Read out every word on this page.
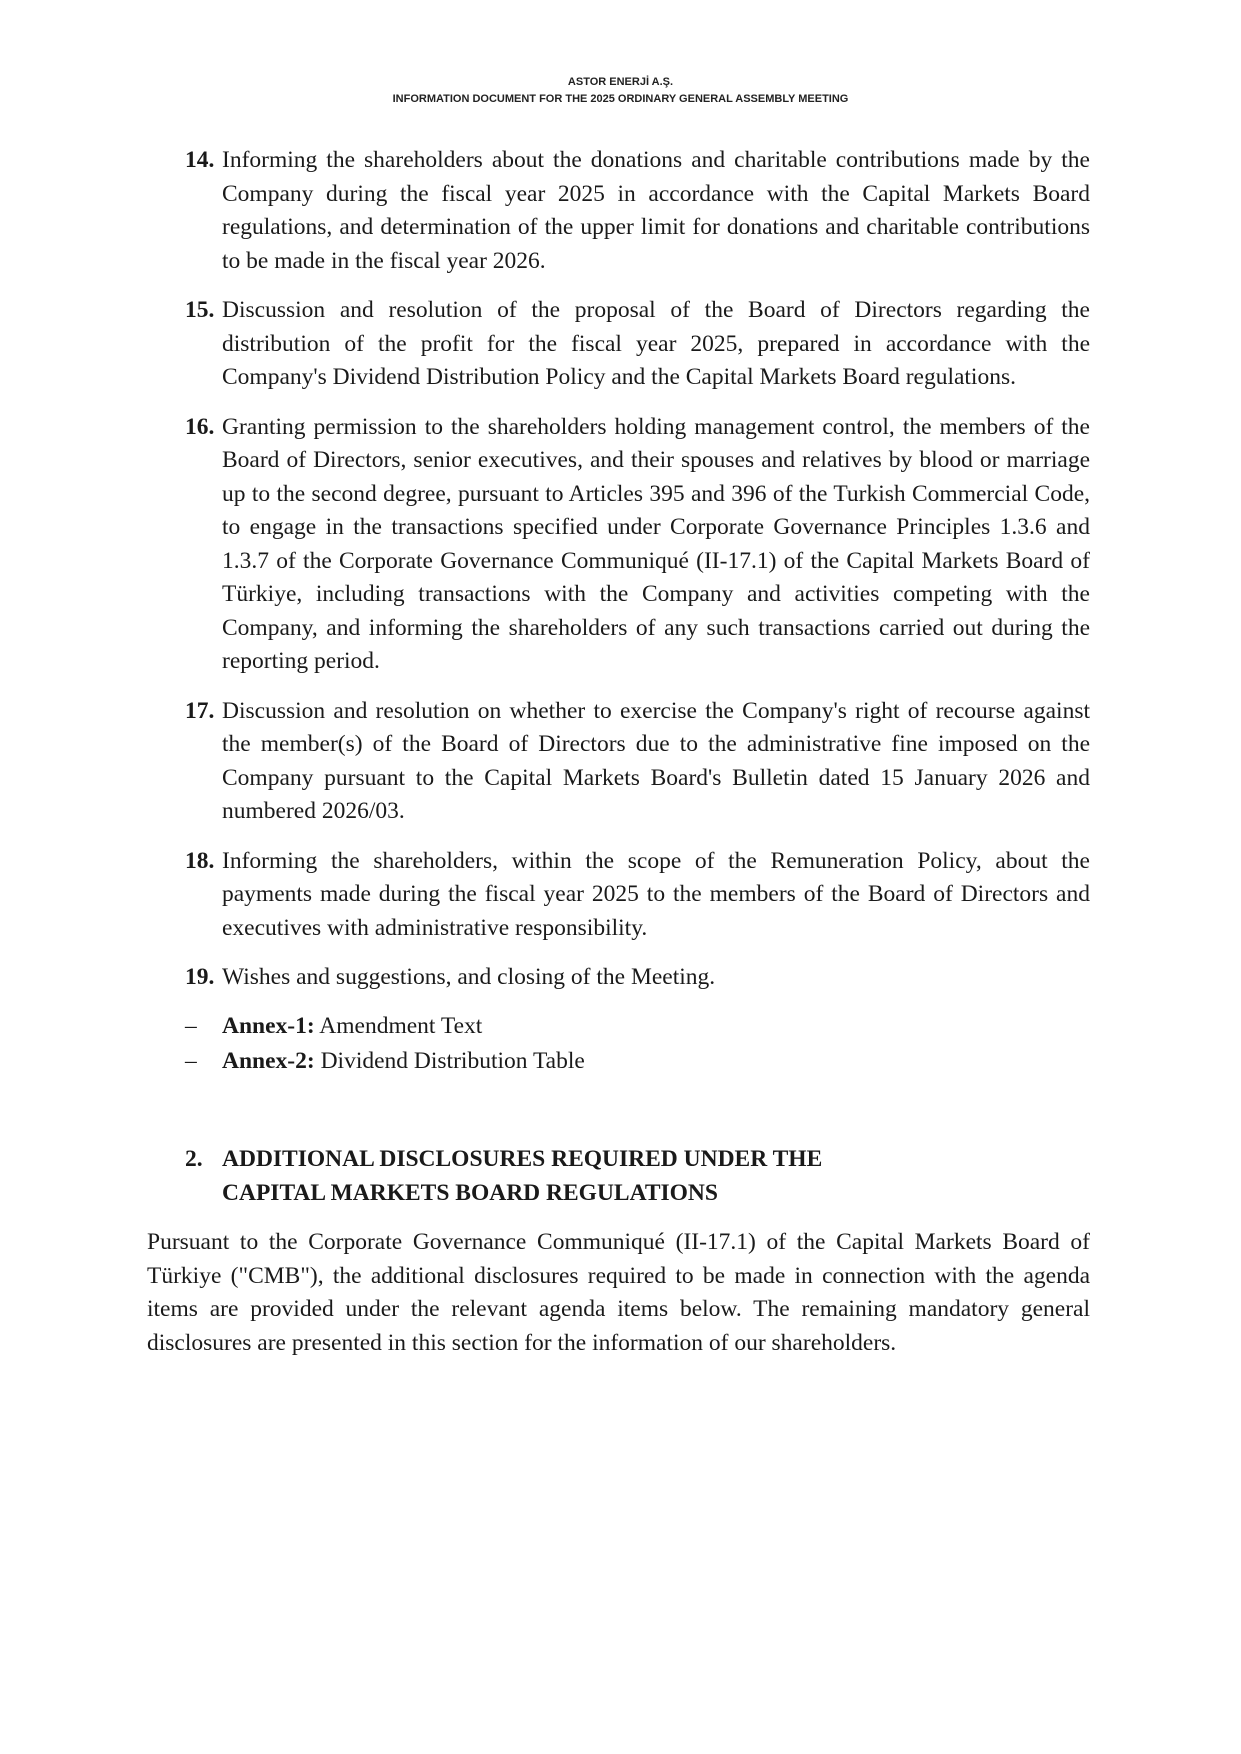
ASTOR ENERJİ A.Ş.
INFORMATION DOCUMENT FOR THE 2025 ORDINARY GENERAL ASSEMBLY MEETING
14. Informing the shareholders about the donations and charitable contributions made by the Company during the fiscal year 2025 in accordance with the Capital Markets Board regulations, and determination of the upper limit for donations and charitable contributions to be made in the fiscal year 2026.
15. Discussion and resolution of the proposal of the Board of Directors regarding the distribution of the profit for the fiscal year 2025, prepared in accordance with the Company's Dividend Distribution Policy and the Capital Markets Board regulations.
16. Granting permission to the shareholders holding management control, the members of the Board of Directors, senior executives, and their spouses and relatives by blood or marriage up to the second degree, pursuant to Articles 395 and 396 of the Turkish Commercial Code, to engage in the transactions specified under Corporate Governance Principles 1.3.6 and 1.3.7 of the Corporate Governance Communiqué (II-17.1) of the Capital Markets Board of Türkiye, including transactions with the Company and activities competing with the Company, and informing the shareholders of any such transactions carried out during the reporting period.
17. Discussion and resolution on whether to exercise the Company's right of recourse against the member(s) of the Board of Directors due to the administrative fine imposed on the Company pursuant to the Capital Markets Board's Bulletin dated 15 January 2026 and numbered 2026/03.
18. Informing the shareholders, within the scope of the Remuneration Policy, about the payments made during the fiscal year 2025 to the members of the Board of Directors and executives with administrative responsibility.
19. Wishes and suggestions, and closing of the Meeting.
– Annex-1: Amendment Text
– Annex-2: Dividend Distribution Table
2. ADDITIONAL DISCLOSURES REQUIRED UNDER THE CAPITAL MARKETS BOARD REGULATIONS
Pursuant to the Corporate Governance Communiqué (II-17.1) of the Capital Markets Board of Türkiye ("CMB"), the additional disclosures required to be made in connection with the agenda items are provided under the relevant agenda items below. The remaining mandatory general disclosures are presented in this section for the information of our shareholders.
